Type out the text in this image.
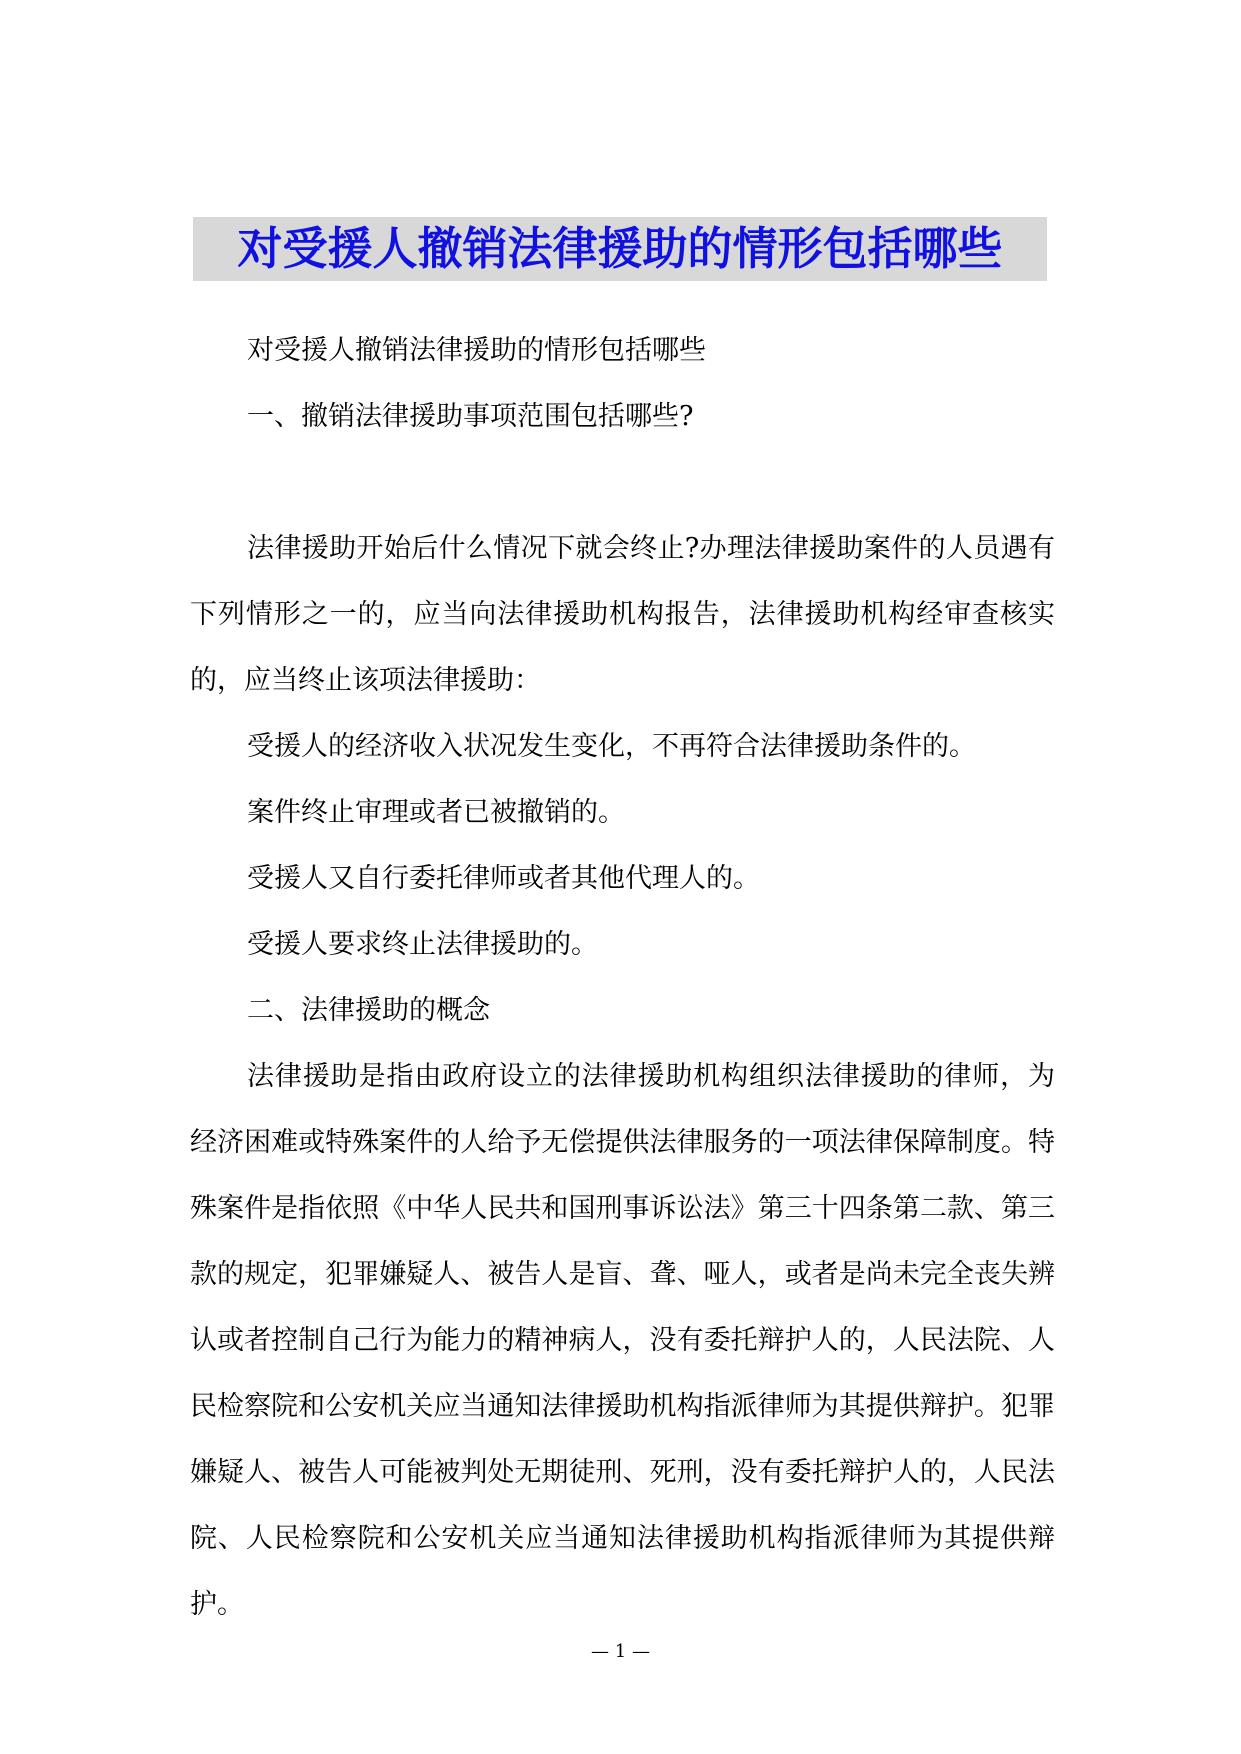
对受援人撤销法律援助的情形包括哪些

对受援人撤销法律援助的情形包括哪些

一、撤销法律援助事项范围包括哪些?

法律援助开始后什么情况下就会终止?办理法律援助案件的人员遇有下列情形之一的，应当向法律援助机构报告，法律援助机构经审查核实的，应当终止该项法律援助：

受援人的经济收入状况发生变化，不再符合法律援助条件的。

案件终止审理或者已被撤销的。

受援人又自行委托律师或者其他代理人的。

受援人要求终止法律援助的。

二、法律援助的概念

法律援助是指由政府设立的法律援助机构组织法律援助的律师，为经济困难或特殊案件的人给予无偿提供法律服务的一项法律保障制度。特殊案件是指依照《中华人民共和国刑事诉讼法》第三十四条第二款、第三款的规定，犯罪嫌疑人、被告人是盲、聋、哑人，或者是尚未完全丧失辨认或者控制自己行为能力的精神病人，没有委托辩护人的，人民法院、人民检察院和公安机关应当通知法律援助机构指派律师为其提供辩护。犯罪嫌疑人、被告人可能被判处无期徒刑、死刑，没有委托辩护人的，人民法院、人民检察院和公安机关应当通知法律援助机构指派律师为其提供辩护。

— 1 —
